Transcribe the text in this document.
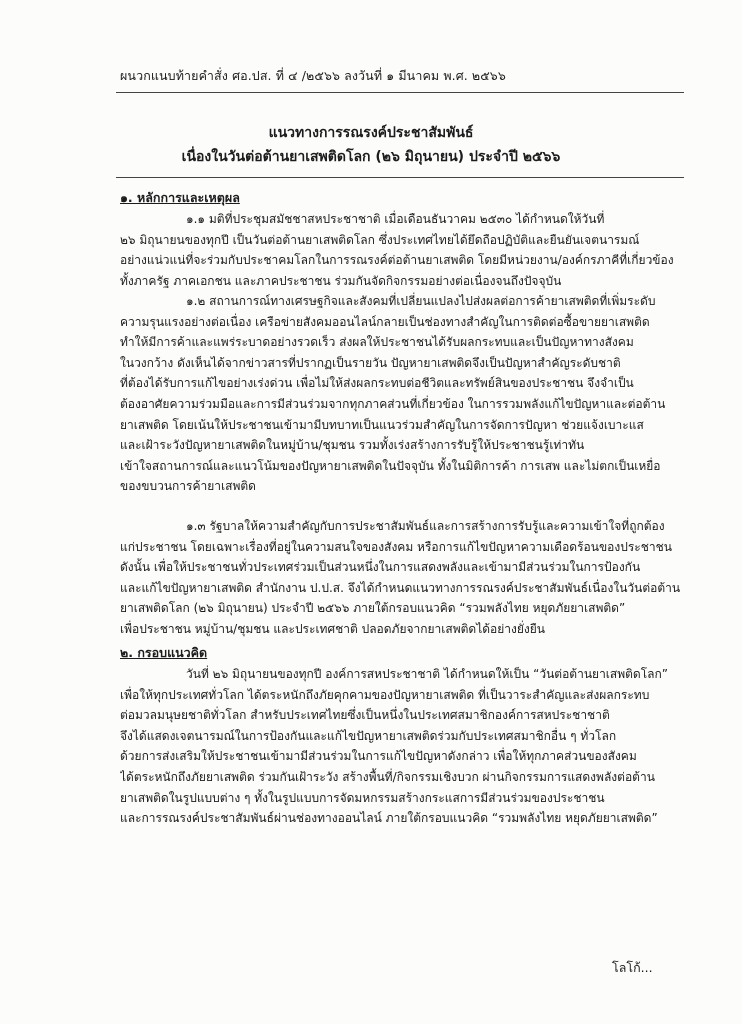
ผนวกแนบท้ายคำสั่ง ศอ.ปส. ที่ ๔ /๒๕๖๖ ลงวันที่ ๑ มีนาคม พ.ศ. ๒๕๖๖
แนวทางการรณรงค์ประชาสัมพันธ์
เนื่องในวันต่อต้านยาเสพติดโลก (๒๖ มิถุนายน) ประจำปี ๒๕๖๖
๑. หลักการและเหตุผล
๑.๑ มติที่ประชุมสมัชชาสหประชาชาติ เมื่อเดือนธันวาคม ๒๕๓๐ ได้กำหนดให้วันที่
๒๖ มิถุนายนของทุกปี เป็นวันต่อต้านยาเสพติดโลก ซึ่งประเทศไทยได้ยึดถือปฏิบัติและยืนยันเจตนารมณ์
อย่างแน่วแน่ที่จะร่วมกับประชาคมโลกในการรณรงค์ต่อต้านยาเสพติด โดยมีหน่วยงาน/องค์กรภาคีที่เกี่ยวข้อง
ทั้งภาครัฐ ภาคเอกชน และภาคประชาชน ร่วมกันจัดกิจกรรมอย่างต่อเนื่องจนถึงปัจจุบัน
๑.๒ สถานการณ์ทางเศรษฐกิจและสังคมที่เปลี่ยนแปลงไปส่งผลต่อการค้ายาเสพติดที่เพิ่มระดับ
ความรุนแรงอย่างต่อเนื่อง เครือข่ายสังคมออนไลน์กลายเป็นช่องทางสำคัญในการติดต่อซื้อขายยาเสพติด
ทำให้มีการค้าและแพร่ระบาดอย่างรวดเร็ว ส่งผลให้ประชาชนได้รับผลกระทบและเป็นปัญหาทางสังคม
ในวงกว้าง ดังเห็นได้จากข่าวสารที่ปรากฏเป็นรายวัน ปัญหายาเสพติดจึงเป็นปัญหาสำคัญระดับชาติ
ที่ต้องได้รับการแก้ไขอย่างเร่งด่วน เพื่อไม่ให้ส่งผลกระทบต่อชีวิตและทรัพย์สินของประชาชน จึงจำเป็น
ต้องอาศัยความร่วมมือและการมีส่วนร่วมจากทุกภาคส่วนที่เกี่ยวข้อง ในการรวมพลังแก้ไขปัญหาและต่อต้าน
ยาเสพติด โดยเน้นให้ประชาชนเข้ามามีบทบาทเป็นแนวร่วมสำคัญในการจัดการปัญหา ช่วยแจ้งเบาะแส
และเฝ้าระวังปัญหายาเสพติดในหมู่บ้าน/ชุมชน รวมทั้งเร่งสร้างการรับรู้ให้ประชาชนรู้เท่าทัน
เข้าใจสถานการณ์และแนวโน้มของปัญหายาเสพติดในปัจจุบัน ทั้งในมิติการค้า การเสพ และไม่ตกเป็นเหยื่อ
ของขบวนการค้ายาเสพติด
๑.๓ รัฐบาลให้ความสำคัญกับการประชาสัมพันธ์และการสร้างการรับรู้และความเข้าใจที่ถูกต้อง
แก่ประชาชน โดยเฉพาะเรื่องที่อยู่ในความสนใจของสังคม หรือการแก้ไขปัญหาความเดือดร้อนของประชาชน
ดังนั้น เพื่อให้ประชาชนทั่วประเทศร่วมเป็นส่วนหนึ่งในการแสดงพลังและเข้ามามีส่วนร่วมในการป้องกัน
และแก้ไขปัญหายาเสพติด สำนักงาน ป.ป.ส. จึงได้กำหนดแนวทางการรณรงค์ประชาสัมพันธ์เนื่องในวันต่อต้าน
ยาเสพติดโลก (๒๖ มิถุนายน) ประจำปี ๒๕๖๖ ภายใต้กรอบแนวคิด “รวมพลังไทย หยุดภัยยาเสพติด”
เพื่อประชาชน หมู่บ้าน/ชุมชน และประเทศชาติ ปลอดภัยจากยาเสพติดได้อย่างยั่งยืน
๒. กรอบแนวคิด
วันที่ ๒๖ มิถุนายนของทุกปี องค์การสหประชาชาติ ได้กำหนดให้เป็น “วันต่อต้านยาเสพติดโลก”
เพื่อให้ทุกประเทศทั่วโลก ได้ตระหนักถึงภัยคุกคามของปัญหายาเสพติด ที่เป็นวาระสำคัญและส่งผลกระทบ
ต่อมวลมนุษยชาติทั่วโลก สำหรับประเทศไทยซึ่งเป็นหนึ่งในประเทศสมาชิกองค์การสหประชาชาติ
จึงได้แสดงเจตนารมณ์ในการป้องกันและแก้ไขปัญหายาเสพติดร่วมกับประเทศสมาชิกอื่น ๆ ทั่วโลก
ด้วยการส่งเสริมให้ประชาชนเข้ามามีส่วนร่วมในการแก้ไขปัญหาดังกล่าว เพื่อให้ทุกภาคส่วนของสังคม
ได้ตระหนักถึงภัยยาเสพติด ร่วมกันเฝ้าระวัง สร้างพื้นที่/กิจกรรมเชิงบวก ผ่านกิจกรรมการแสดงพลังต่อต้าน
ยาเสพติดในรูปแบบต่าง ๆ ทั้งในรูปแบบการจัดมหกรรมสร้างกระแสการมีส่วนร่วมของประชาชน
และการรณรงค์ประชาสัมพันธ์ผ่านช่องทางออนไลน์ ภายใต้กรอบแนวคิด “รวมพลังไทย หยุดภัยยาเสพติด”
โลโก้...
